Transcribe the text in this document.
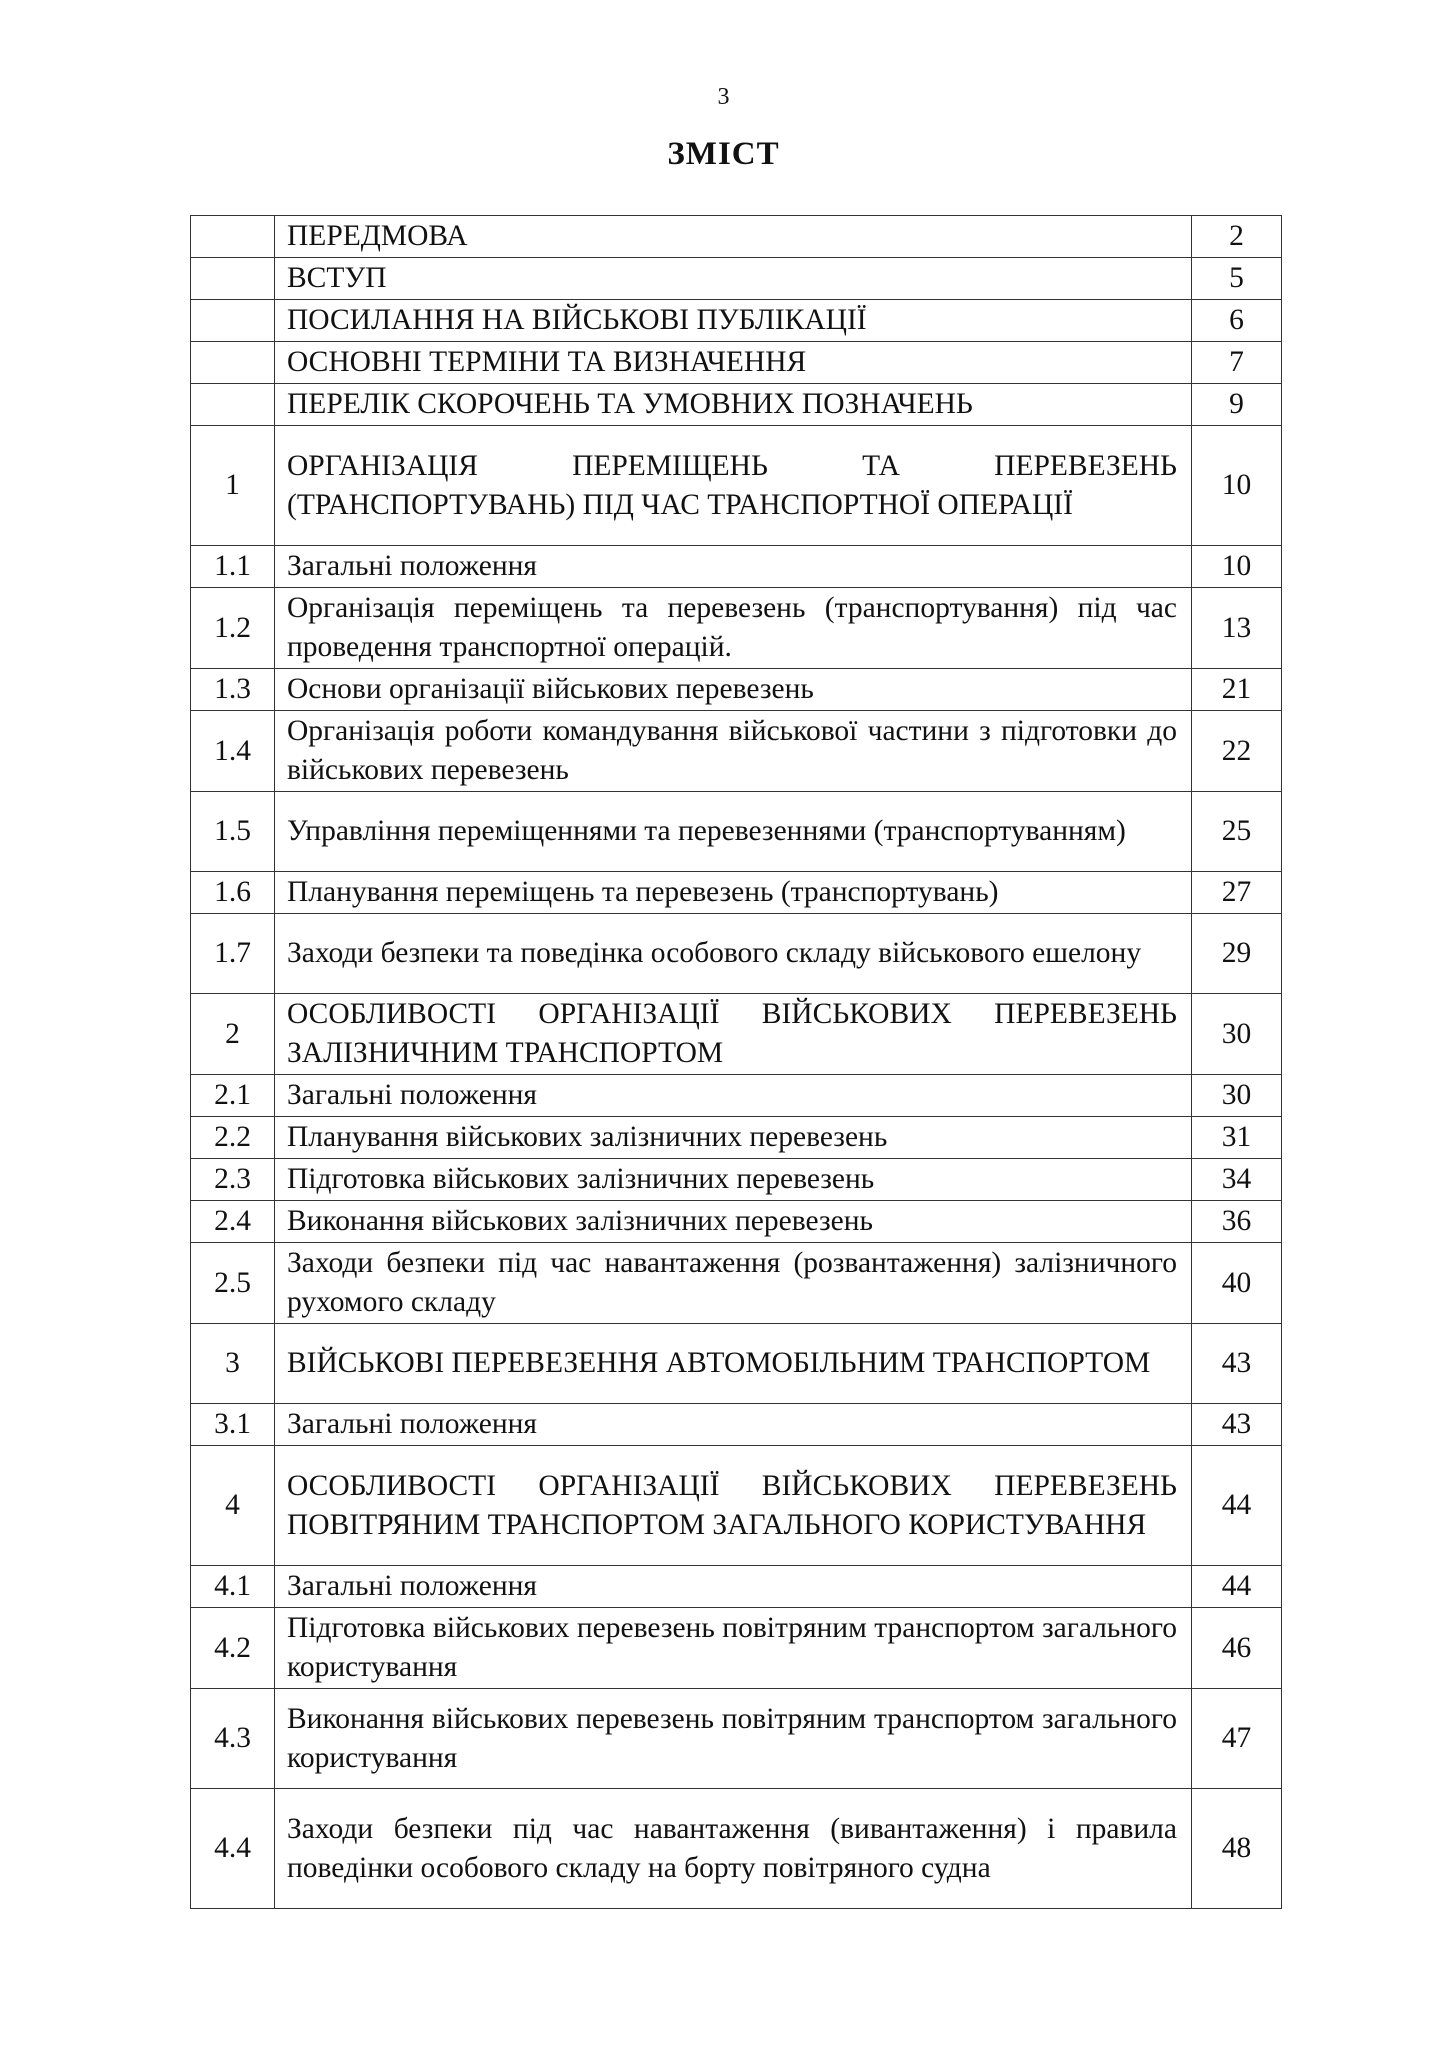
3
ЗМІСТ
	ПЕРЕДМОВА	2
	ВСТУП	5
	ПОСИЛАННЯ НА ВІЙСЬКОВІ ПУБЛІКАЦІЇ	6
	ОСНОВНІ ТЕРМІНИ ТА ВИЗНАЧЕННЯ	7
	ПЕРЕЛІК СКОРОЧЕНЬ ТА УМОВНИХ ПОЗНАЧЕНЬ	9
1	ОРГАНІЗАЦІЯ ПЕРЕМІЩЕНЬ ТА ПЕРЕВЕЗЕНЬ (ТРАНСПОРТУВАНЬ) ПІД ЧАС ТРАНСПОРТНОЇ ОПЕРАЦІЇ	10
1.1	Загальні положення	10
1.2	Організація переміщень та перевезень (транспортування) під час проведення транспортної операцій.	13
1.3	Основи організації військових перевезень	21
1.4	Організація роботи командування військової частини з підготовки до військових перевезень	22
1.5	Управління переміщеннями та перевезеннями (транспортуванням)	25
1.6	Планування переміщень та перевезень (транспортувань)	27
1.7	Заходи безпеки та поведінка особового складу військового ешелону	29
2	ОСОБЛИВОСТІ ОРГАНІЗАЦІЇ ВІЙСЬКОВИХ ПЕРЕВЕЗЕНЬ ЗАЛІЗНИЧНИМ ТРАНСПОРТОМ	30
2.1	Загальні положення	30
2.2	Планування військових залізничних перевезень	31
2.3	Підготовка військових залізничних перевезень	34
2.4	Виконання військових залізничних перевезень	36
2.5	Заходи безпеки під час навантаження (розвантаження) залізничного рухомого складу	40
3	ВІЙСЬКОВІ ПЕРЕВЕЗЕННЯ АВТОМОБІЛЬНИМ ТРАНСПОРТОМ	43
3.1	Загальні положення	43
4	ОСОБЛИВОСТІ ОРГАНІЗАЦІЇ ВІЙСЬКОВИХ ПЕРЕВЕЗЕНЬ ПОВІТРЯНИМ ТРАНСПОРТОМ ЗАГАЛЬНОГО КОРИСТУВАННЯ	44
4.1	Загальні положення	44
4.2	Підготовка військових перевезень повітряним транспортом загального користування	46
4.3	Виконання військових перевезень повітряним транспортом загального користування	47
4.4	Заходи безпеки під час навантаження (вивантаження) і правила поведінки особового складу на борту повітряного судна	48
